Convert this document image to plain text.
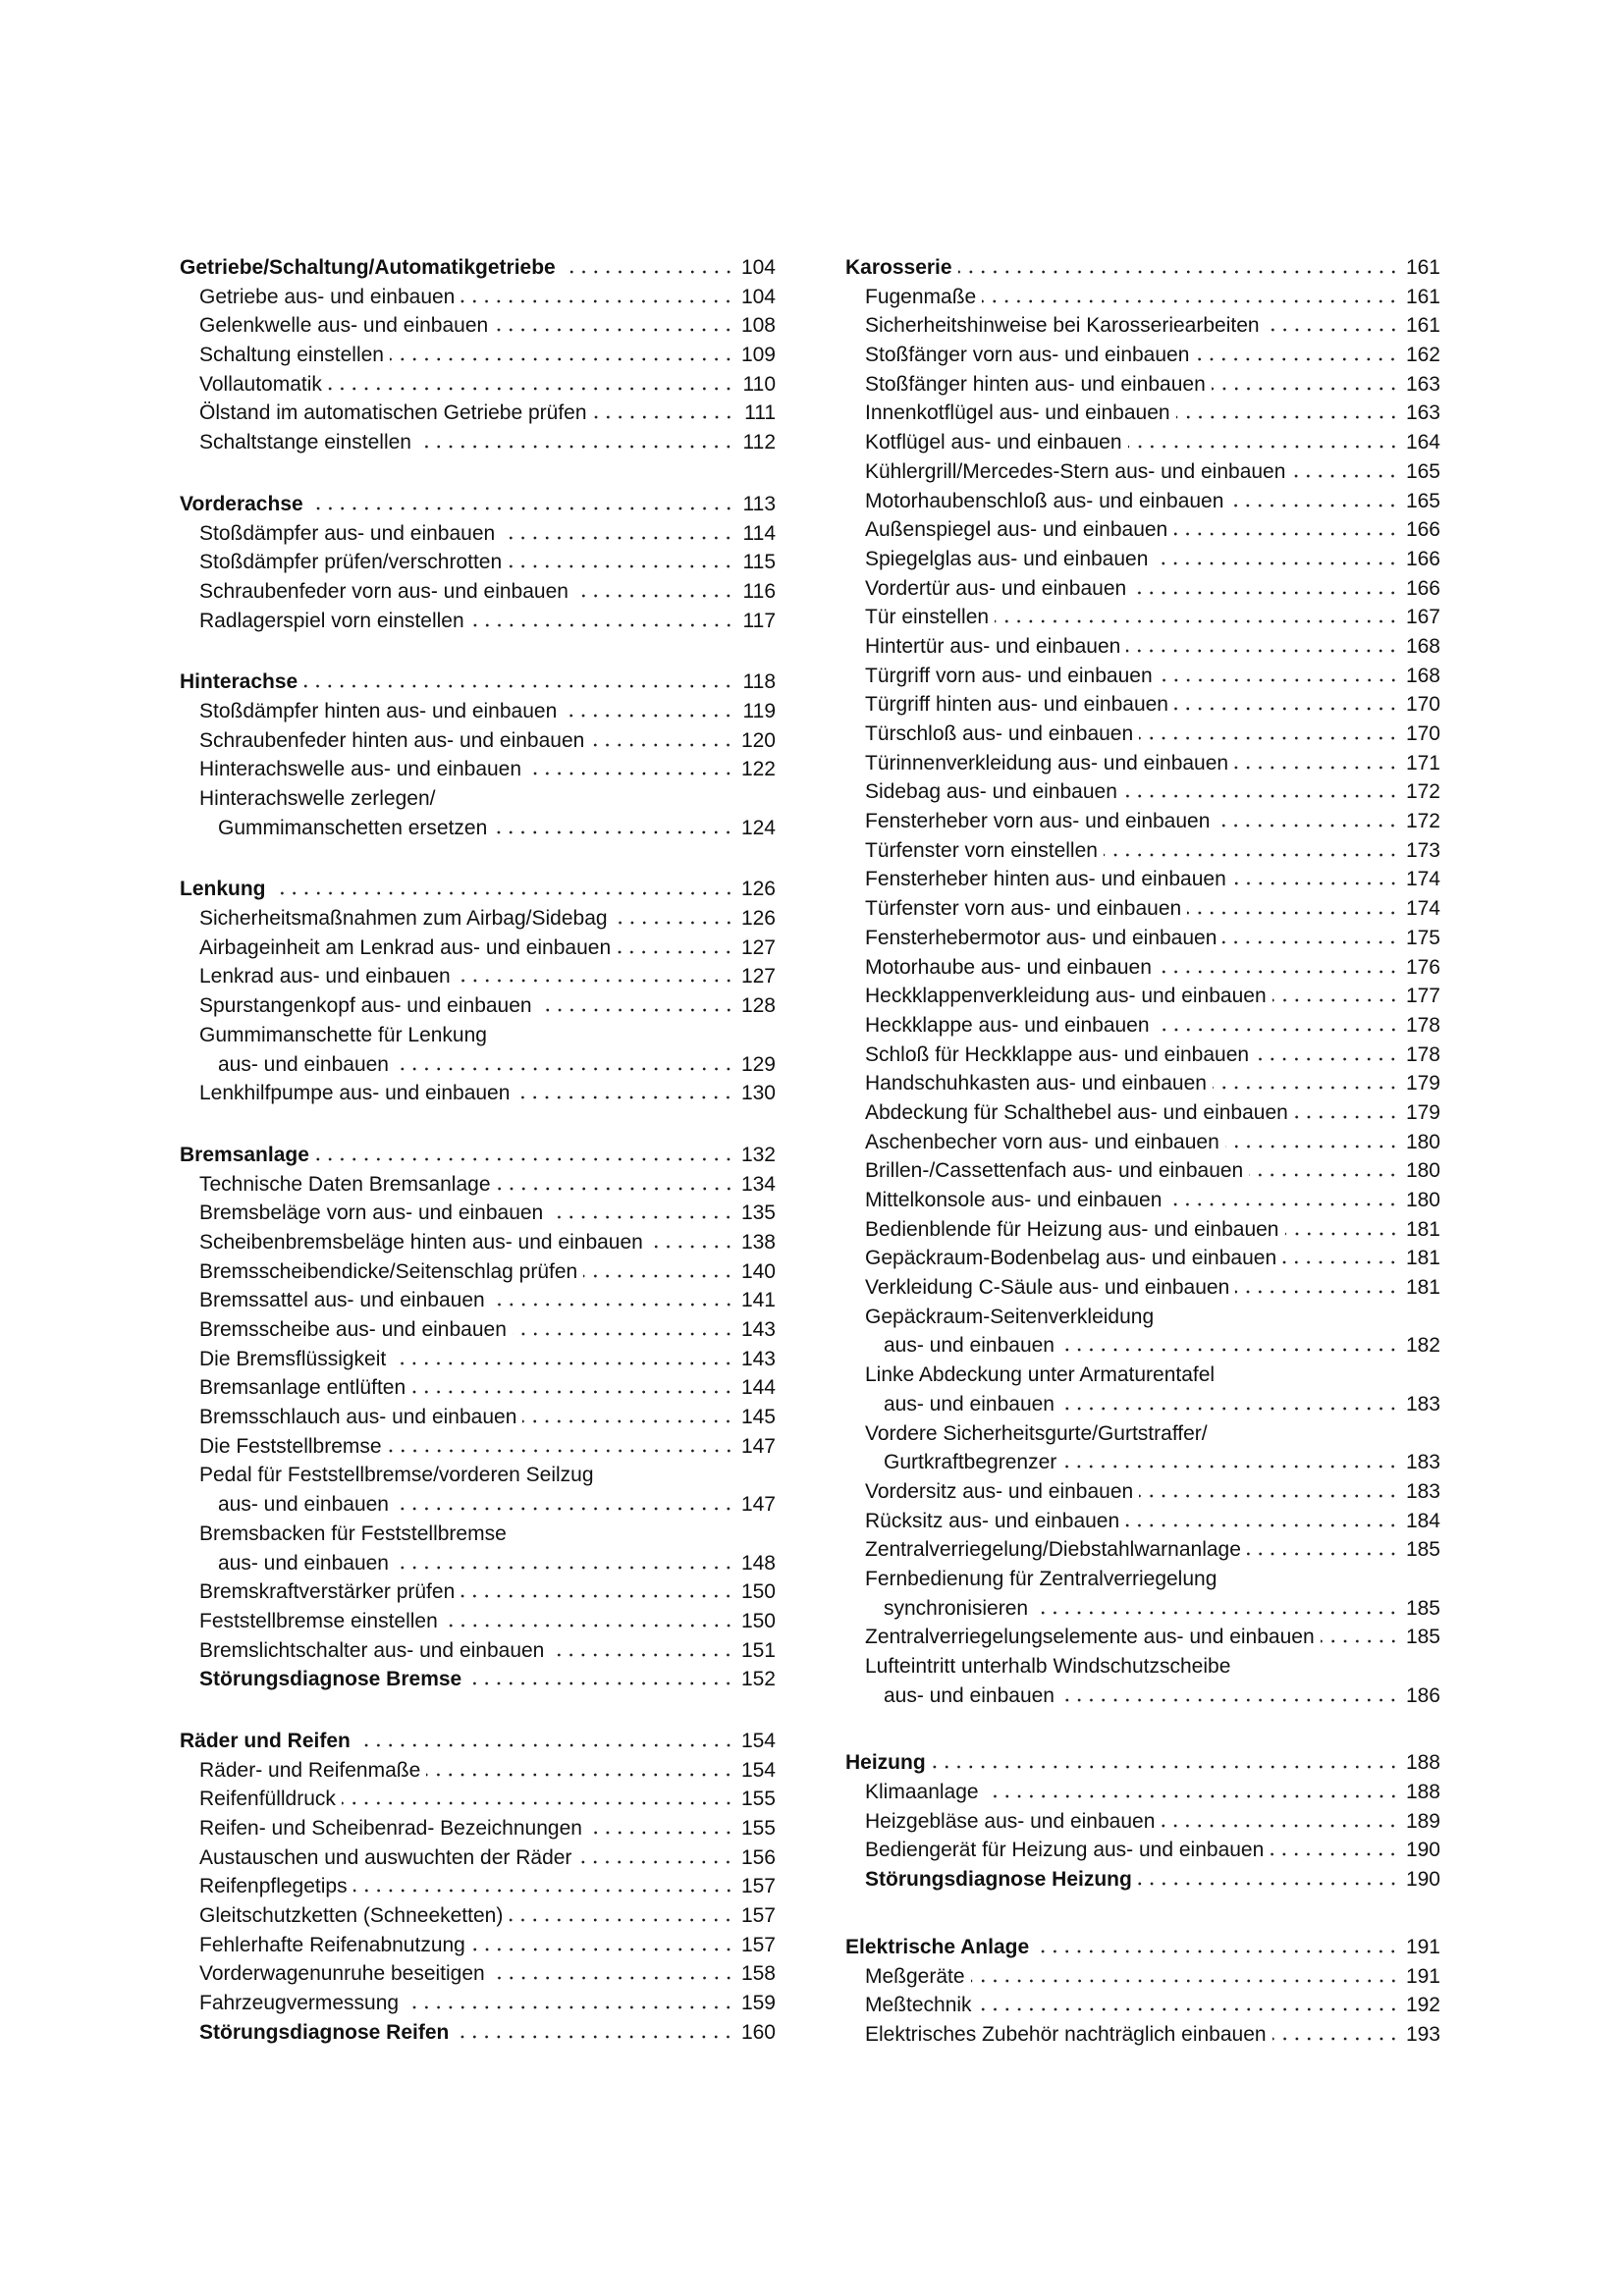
Getriebe/Schaltung/Automatikgetriebe	104
Getriebe aus- und einbauen	104
Gelenkwelle aus- und einbauen	108
Schaltung einstellen	109
Vollautomatik	110
Ölstand im automatischen Getriebe prüfen	111
Schaltstange einstellen	112
Vorderachse	113
Stoßdämpfer aus- und einbauen	114
Stoßdämpfer prüfen/verschrotten	115
Schraubenfeder vorn aus- und einbauen	116
Radlagerspiel vorn einstellen	117
Hinterachse	118
Stoßdämpfer hinten aus- und einbauen	119
Schraubenfeder hinten aus- und einbauen	120
Hinterachswelle aus- und einbauen	122
Hinterachswelle zerlegen/
Gummimanschetten ersetzen	124
Lenkung	126
Sicherheitsmaßnahmen zum Airbag/Sidebag	126
Airbageinheit am Lenkrad aus- und einbauen	127
Lenkrad aus- und einbauen	127
Spurstangenkopf aus- und einbauen	128
Gummimanschette für Lenkung
aus- und einbauen	129
Lenkhilfpumpe aus- und einbauen	130
Bremsanlage	132
Technische Daten Bremsanlage	134
Bremsbeläge vorn aus- und einbauen	135
Scheibenbremsbeläge hinten aus- und einbauen	138
Bremsscheibendicke/Seitenschlag prüfen	140
Bremssattel aus- und einbauen	141
Bremsscheibe aus- und einbauen	143
Die Bremsflüssigkeit	143
Bremsanlage entlüften	144
Bremsschlauch aus- und einbauen	145
Die Feststellbremse	147
Pedal für Feststellbremse/vorderen Seilzug
aus- und einbauen	147
Bremsbacken für Feststellbremse
aus- und einbauen	148
Bremskraftverstärker prüfen	150
Feststellbremse einstellen	150
Bremslichtschalter aus- und einbauen	151
Störungsdiagnose Bremse	152
Räder und Reifen	154
Räder- und Reifenmaße	154
Reifenfülldruck	155
Reifen- und Scheibenrad- Bezeichnungen	155
Austauschen und auswuchten der Räder	156
Reifenpflegetips	157
Gleitschutzketten (Schneeketten)	157
Fehlerhafte Reifenabnutzung	157
Vorderwagenunruhe beseitigen	158
Fahrzeugvermessung	159
Störungsdiagnose Reifen	160
Karosserie	161
Fugenmaße	161
Sicherheitshinweise bei Karosseriearbeiten	161
Stoßfänger vorn aus- und einbauen	162
Stoßfänger hinten aus- und einbauen	163
Innenkotflügel aus- und einbauen	163
Kotflügel aus- und einbauen	164
Kühlergrill/Mercedes-Stern aus- und einbauen	165
Motorhaubenschloß aus- und einbauen	165
Außenspiegel aus- und einbauen	166
Spiegelglas aus- und einbauen	166
Vordertür aus- und einbauen	166
Tür einstellen	167
Hintertür aus- und einbauen	168
Türgriff vorn aus- und einbauen	168
Türgriff hinten aus- und einbauen	170
Türschloß aus- und einbauen	170
Türinnenverkleidung aus- und einbauen	171
Sidebag aus- und einbauen	172
Fensterheber vorn aus- und einbauen	172
Türfenster vorn einstellen	173
Fensterheber hinten aus- und einbauen	174
Türfenster vorn aus- und einbauen	174
Fensterhebermotor aus- und einbauen	175
Motorhaube aus- und einbauen	176
Heckklappenverkleidung aus- und einbauen	177
Heckklappe aus- und einbauen	178
Schloß für Heckklappe aus- und einbauen	178
Handschuhkasten aus- und einbauen	179
Abdeckung für Schalthebel aus- und einbauen	179
Aschenbecher vorn aus- und einbauen	180
Brillen-/Cassettenfach aus- und einbauen	180
Mittelkonsole aus- und einbauen	180
Bedienblende für Heizung aus- und einbauen	181
Gepäckraum-Bodenbelag aus- und einbauen	181
Verkleidung C-Säule aus- und einbauen	181
Gepäckraum-Seitenverkleidung
aus- und einbauen	182
Linke Abdeckung unter Armaturentafel
aus- und einbauen	183
Vordere Sicherheitsgurte/Gurtstraffer/
Gurtkraftbegrenzer	183
Vordersitz aus- und einbauen	183
Rücksitz aus- und einbauen	184
Zentralverriegelung/Diebstahlwarnanlage	185
Fernbedienung für Zentralverriegelung
synchronisieren	185
Zentralverriegelungselemente aus- und einbauen	185
Lufteintritt unterhalb Windschutzscheibe
aus- und einbauen	186
Heizung	188
Klimaanlage	188
Heizgebläse aus- und einbauen	189
Bediengerät für Heizung aus- und einbauen	190
Störungsdiagnose Heizung	190
Elektrische Anlage	191
Meßgeräte	191
Meßtechnik	192
Elektrisches Zubehör nachträglich einbauen	193
